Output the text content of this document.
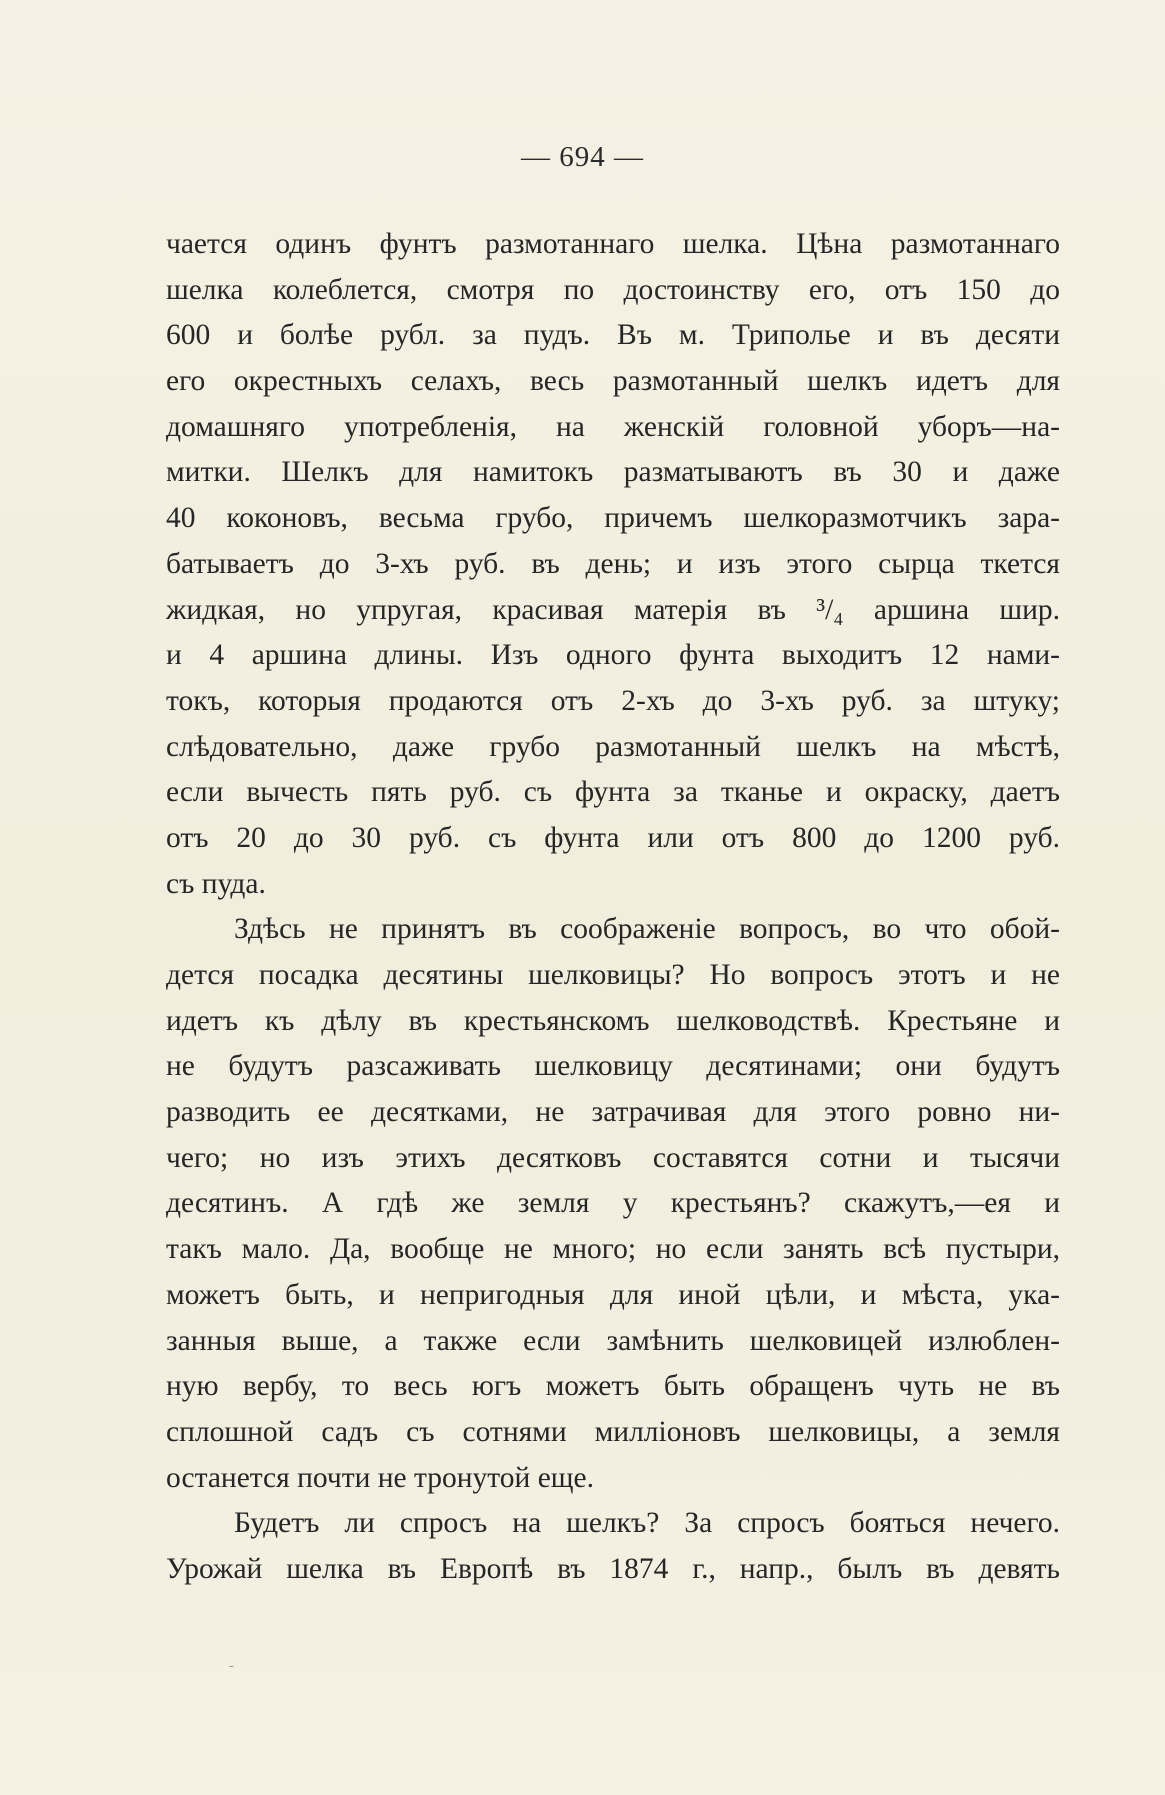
— 694 —
чается одинъ фунтъ размотаннаго шелка. Цѣна размотаннаго
шелка колеблется, смотря по достоинству его, отъ 150 до
600 и болѣе рубл. за пудъ. Въ м. Триполье и въ десяти
его окрестныхъ селахъ, весь размотанный шелкъ идетъ для
домашняго употребленія, на женскій головной уборъ—на-
митки. Шелкъ для намитокъ разматываютъ въ 30 и даже
40 коконовъ, весьма грубо, причемъ шелкоразмотчикъ зара-
батываетъ до 3-хъ руб. въ день; и изъ этого сырца ткется
жидкая, но упругая, красивая матерія въ ³/₄ аршина шир.
и 4 аршина длины. Изъ одного фунта выходитъ 12 нами-
токъ, которыя продаются отъ 2-хъ до 3-хъ руб. за штуку;
слѣдовательно, даже грубо размотанный шелкъ на мѣстѣ,
если вычесть пять руб. съ фунта за тканье и окраску, даетъ
отъ 20 до 30 руб. съ фунта или отъ 800 до 1200 руб.
съ пуда.
Здѣсь не принятъ въ соображеніе вопросъ, во что обой-
дется посадка десятины шелковицы? Но вопросъ этотъ и не
идетъ къ дѣлу въ крестьянскомъ шелководствѣ. Крестьяне и
не будутъ разсаживать шелковицу десятинами; они будутъ
разводить ее десятками, не затрачивая для этого ровно ни-
чего; но изъ этихъ десятковъ составятся сотни и тысячи
десятинъ. А гдѣ же земля у крестьянъ? скажутъ,—ея и
такъ мало. Да, вообще не много; но если занять всѣ пустыри,
можетъ быть, и непригодныя для иной цѣли, и мѣста, ука-
занныя выше, а также если замѣнить шелковицей излюблен-
ную вербу, то весь югъ можетъ быть обращенъ чуть не въ
сплошной садъ съ сотнями милліоновъ шелковицы, а земля
останется почти не тронутой еще.
Будетъ ли спросъ на шелкъ? За спросъ бояться нечего.
Урожай шелка въ Европѣ въ 1874 г., напр., былъ въ девять
˗
